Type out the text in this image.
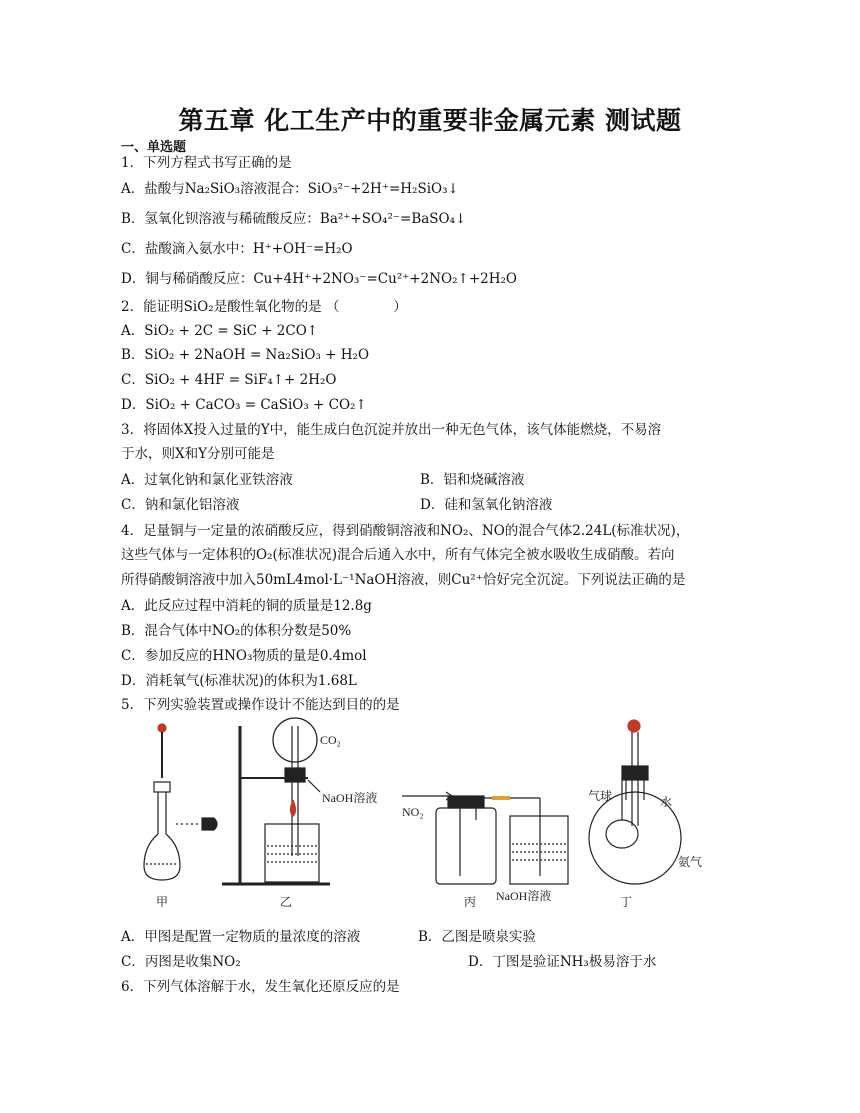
第五章 化工生产中的重要非金属元素 测试题
一、单选题
1．下列方程式书写正确的是
A．盐酸与Na₂SiO₃溶液混合：SiO₃²⁻+2H⁺=H₂SiO₃↓
B．氢氧化钡溶液与稀硫酸反应：Ba²⁺+SO₄²⁻=BaSO₄↓
C．盐酸滴入氨水中：H⁺+OH⁻=H₂O
D．铜与稀硝酸反应：Cu+4H⁺+2NO₃⁻=Cu²⁺+2NO₂↑+2H₂O
2．能证明SiO₂是酸性氧化物的是 （　　　　）
A．SiO₂ + 2C = SiC + 2CO↑
B．SiO₂ + 2NaOH = Na₂SiO₃ + H₂O
C．SiO₂ + 4HF = SiF₄↑+ 2H₂O
D．SiO₂ + CaCO₃ = CaSiO₃ + CO₂↑
3．将固体X投入过量的Y中，能生成白色沉淀并放出一种无色气体，该气体能燃烧，不易溶
于水，则X和Y分别可能是
A．过氧化钠和氯化亚铁溶液	B．铝和烧碱溶液
C．钠和氯化铝溶液	D．硅和氢氧化钠溶液
4．足量铜与一定量的浓硝酸反应，得到硝酸铜溶液和NO₂、NO的混合气体2.24L(标准状况)，
这些气体与一定体积的O₂(标准状况)混合后通入水中，所有气体完全被水吸收生成硝酸。若向
所得硝酸铜溶液中加入50mL4mol·L⁻¹NaOH溶液，则Cu²⁺恰好完全沉淀。下列说法正确的是
A．此反应过程中消耗的铜的质量是12.8g
B．混合气体中NO₂的体积分数是50%
C．参加反应的HNO₃物质的量是0.4mol
D．消耗氧气(标准状况)的体积为1.68L
5．下列实验装置或操作设计不能达到目的的是
甲
CO₂
NaOH溶液
乙
NO₂
NaOH溶液
丙
气球	水
氨气
丁
A．甲图是配置一定物质的量浓度的溶液	B．乙图是喷泉实验
C．丙图是收集NO₂	D．丁图是验证NH₃极易溶于水
6．下列气体溶解于水，发生氧化还原反应的是
